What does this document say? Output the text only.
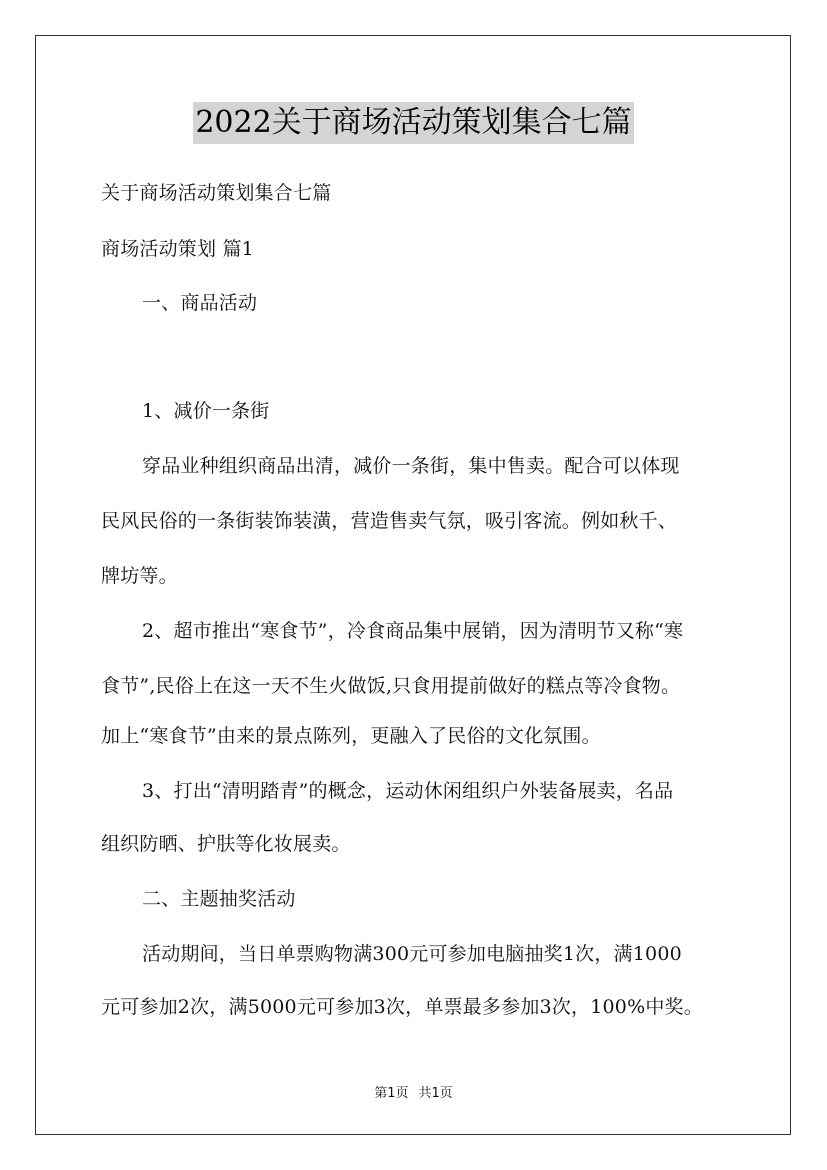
2022关于商场活动策划集合七篇
关于商场活动策划集合七篇
商场活动策划 篇1
一、商品活动
1、减价一条街
穿品业种组织商品出清，减价一条街，集中售卖。配合可以体现
民风民俗的一条街装饰装潢，营造售卖气氛，吸引客流。例如秋千、
牌坊等。
2、超市推出“寒食节”，冷食商品集中展销，因为清明节又称“寒
食节”,民俗上在这一天不生火做饭,只食用提前做好的糕点等冷食物。
加上“寒食节”由来的景点陈列，更融入了民俗的文化氛围。
3、打出“清明踏青”的概念，运动休闲组织户外装备展卖，名品
组织防晒、护肤等化妆展卖。
二、主题抽奖活动
活动期间，当日单票购物满300元可参加电脑抽奖1次，满1000
元可参加2次，满5000元可参加3次，单票最多参加3次，100%中奖。
第1页 共1页
